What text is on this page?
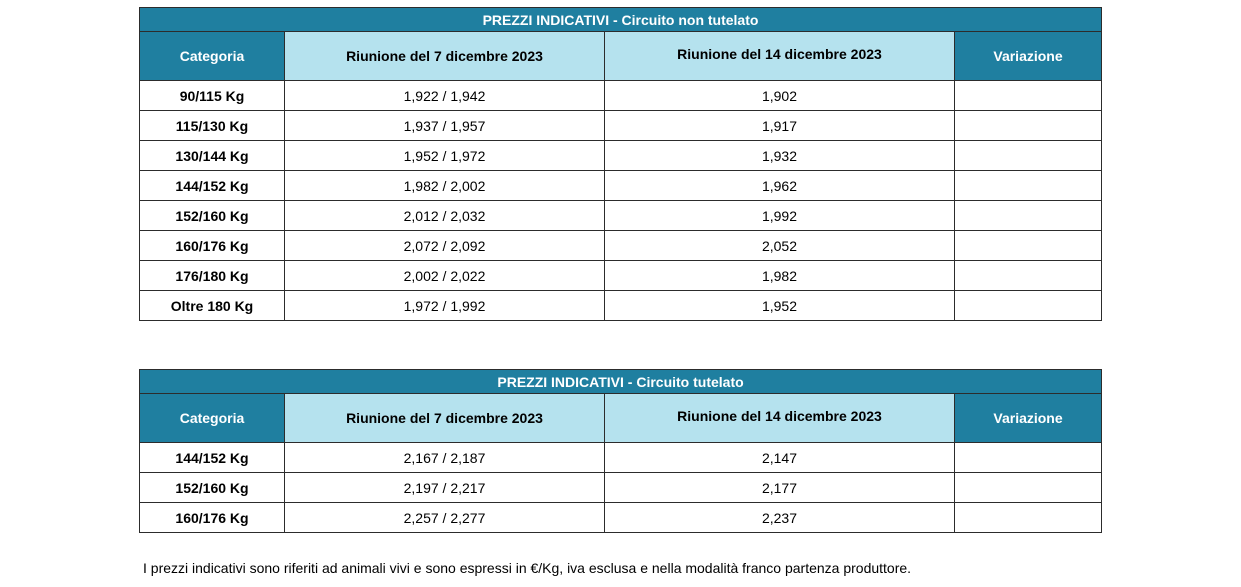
PREZZI INDICATIVI - Circuito non tutelato			
Categoria	Riunione del 7 dicembre 2023	Riunione del 14 dicembre 2023	Variazione
90/115 Kg	1,922 / 1,942	1,902	
115/130 Kg	1,937 / 1,957	1,917	
130/144 Kg	1,952 / 1,972	1,932	
144/152 Kg	1,982 / 2,002	1,962	
152/160 Kg	2,012 / 2,032	1,992	
160/176 Kg	2,072 / 2,092	2,052	
176/180 Kg	2,002 / 2,022	1,982	
Oltre 180 Kg	1,972 / 1,992	1,952	
PREZZI INDICATIVI - Circuito tutelato			
Categoria	Riunione del 7 dicembre 2023	Riunione del 14 dicembre 2023	Variazione
144/152 Kg	2,167 / 2,187	2,147	
152/160 Kg	2,197 / 2,217	2,177	
160/176 Kg	2,257 / 2,277	2,237	
I prezzi indicativi sono riferiti ad animali vivi e sono espressi in €/Kg, iva esclusa e nella modalità franco partenza produttore.
